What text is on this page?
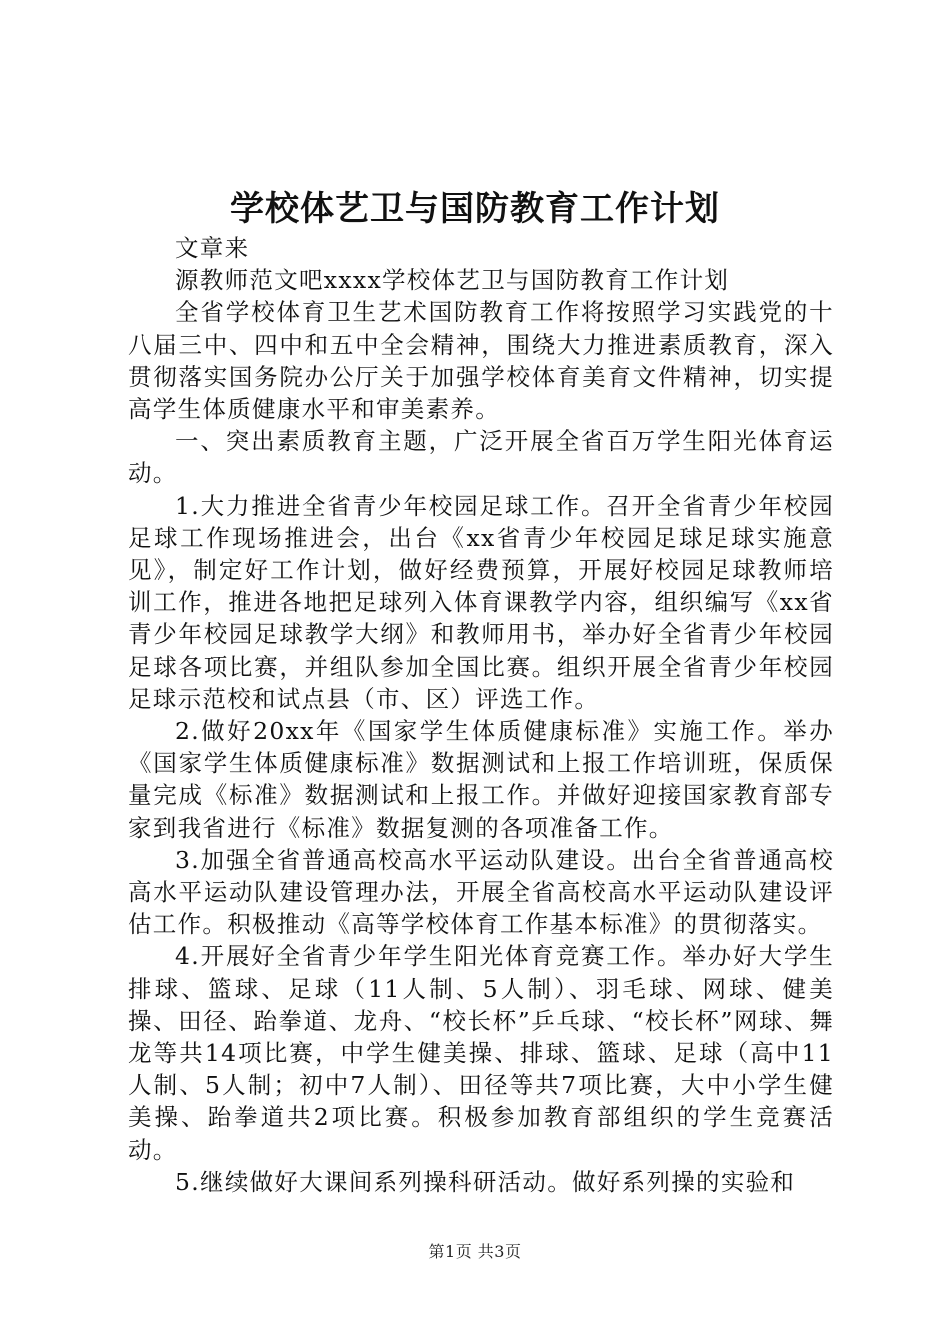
学校体艺卫与国防教育工作计划

文章来

源教师范文吧xxxx学校体艺卫与国防教育工作计划

全省学校体育卫生艺术国防教育工作将按照学习实践党的十八届三中、四中和五中全会精神，围绕大力推进素质教育，深入贯彻落实国务院办公厅关于加强学校体育美育文件精神，切实提高学生体质健康水平和审美素养。

一、突出素质教育主题，广泛开展全省百万学生阳光体育运动。

1.大力推进全省青少年校园足球工作。召开全省青少年校园足球工作现场推进会，出台《xx省青少年校园足球足球实施意见》，制定好工作计划，做好经费预算，开展好校园足球教师培训工作，推进各地把足球列入体育课教学内容，组织编写《xx省青少年校园足球教学大纲》和教师用书，举办好全省青少年校园足球各项比赛，并组队参加全国比赛。组织开展全省青少年校园足球示范校和试点县（市、区）评选工作。

2.做好20xx年《国家学生体质健康标准》实施工作。举办《国家学生体质健康标准》数据测试和上报工作培训班，保质保量完成《标准》数据测试和上报工作。并做好迎接国家教育部专家到我省进行《标准》数据复测的各项准备工作。

3.加强全省普通高校高水平运动队建设。出台全省普通高校高水平运动队建设管理办法，开展全省高校高水平运动队建设评估工作。积极推动《高等学校体育工作基本标准》的贯彻落实。

4.开展好全省青少年学生阳光体育竞赛工作。举办好大学生排球、篮球、足球（11人制、5人制）、羽毛球、网球、健美操、田径、跆拳道、龙舟、“校长杯”乒乓球、“校长杯”网球、舞龙等共14项比赛，中学生健美操、排球、篮球、足球（高中11人制、5人制；初中7人制）、田径等共7项比赛，大中小学生健美操、跆拳道共2项比赛。积极参加教育部组织的学生竞赛活动。

5.继续做好大课间系列操科研活动。做好系列操的实验和

第1页 共3页
